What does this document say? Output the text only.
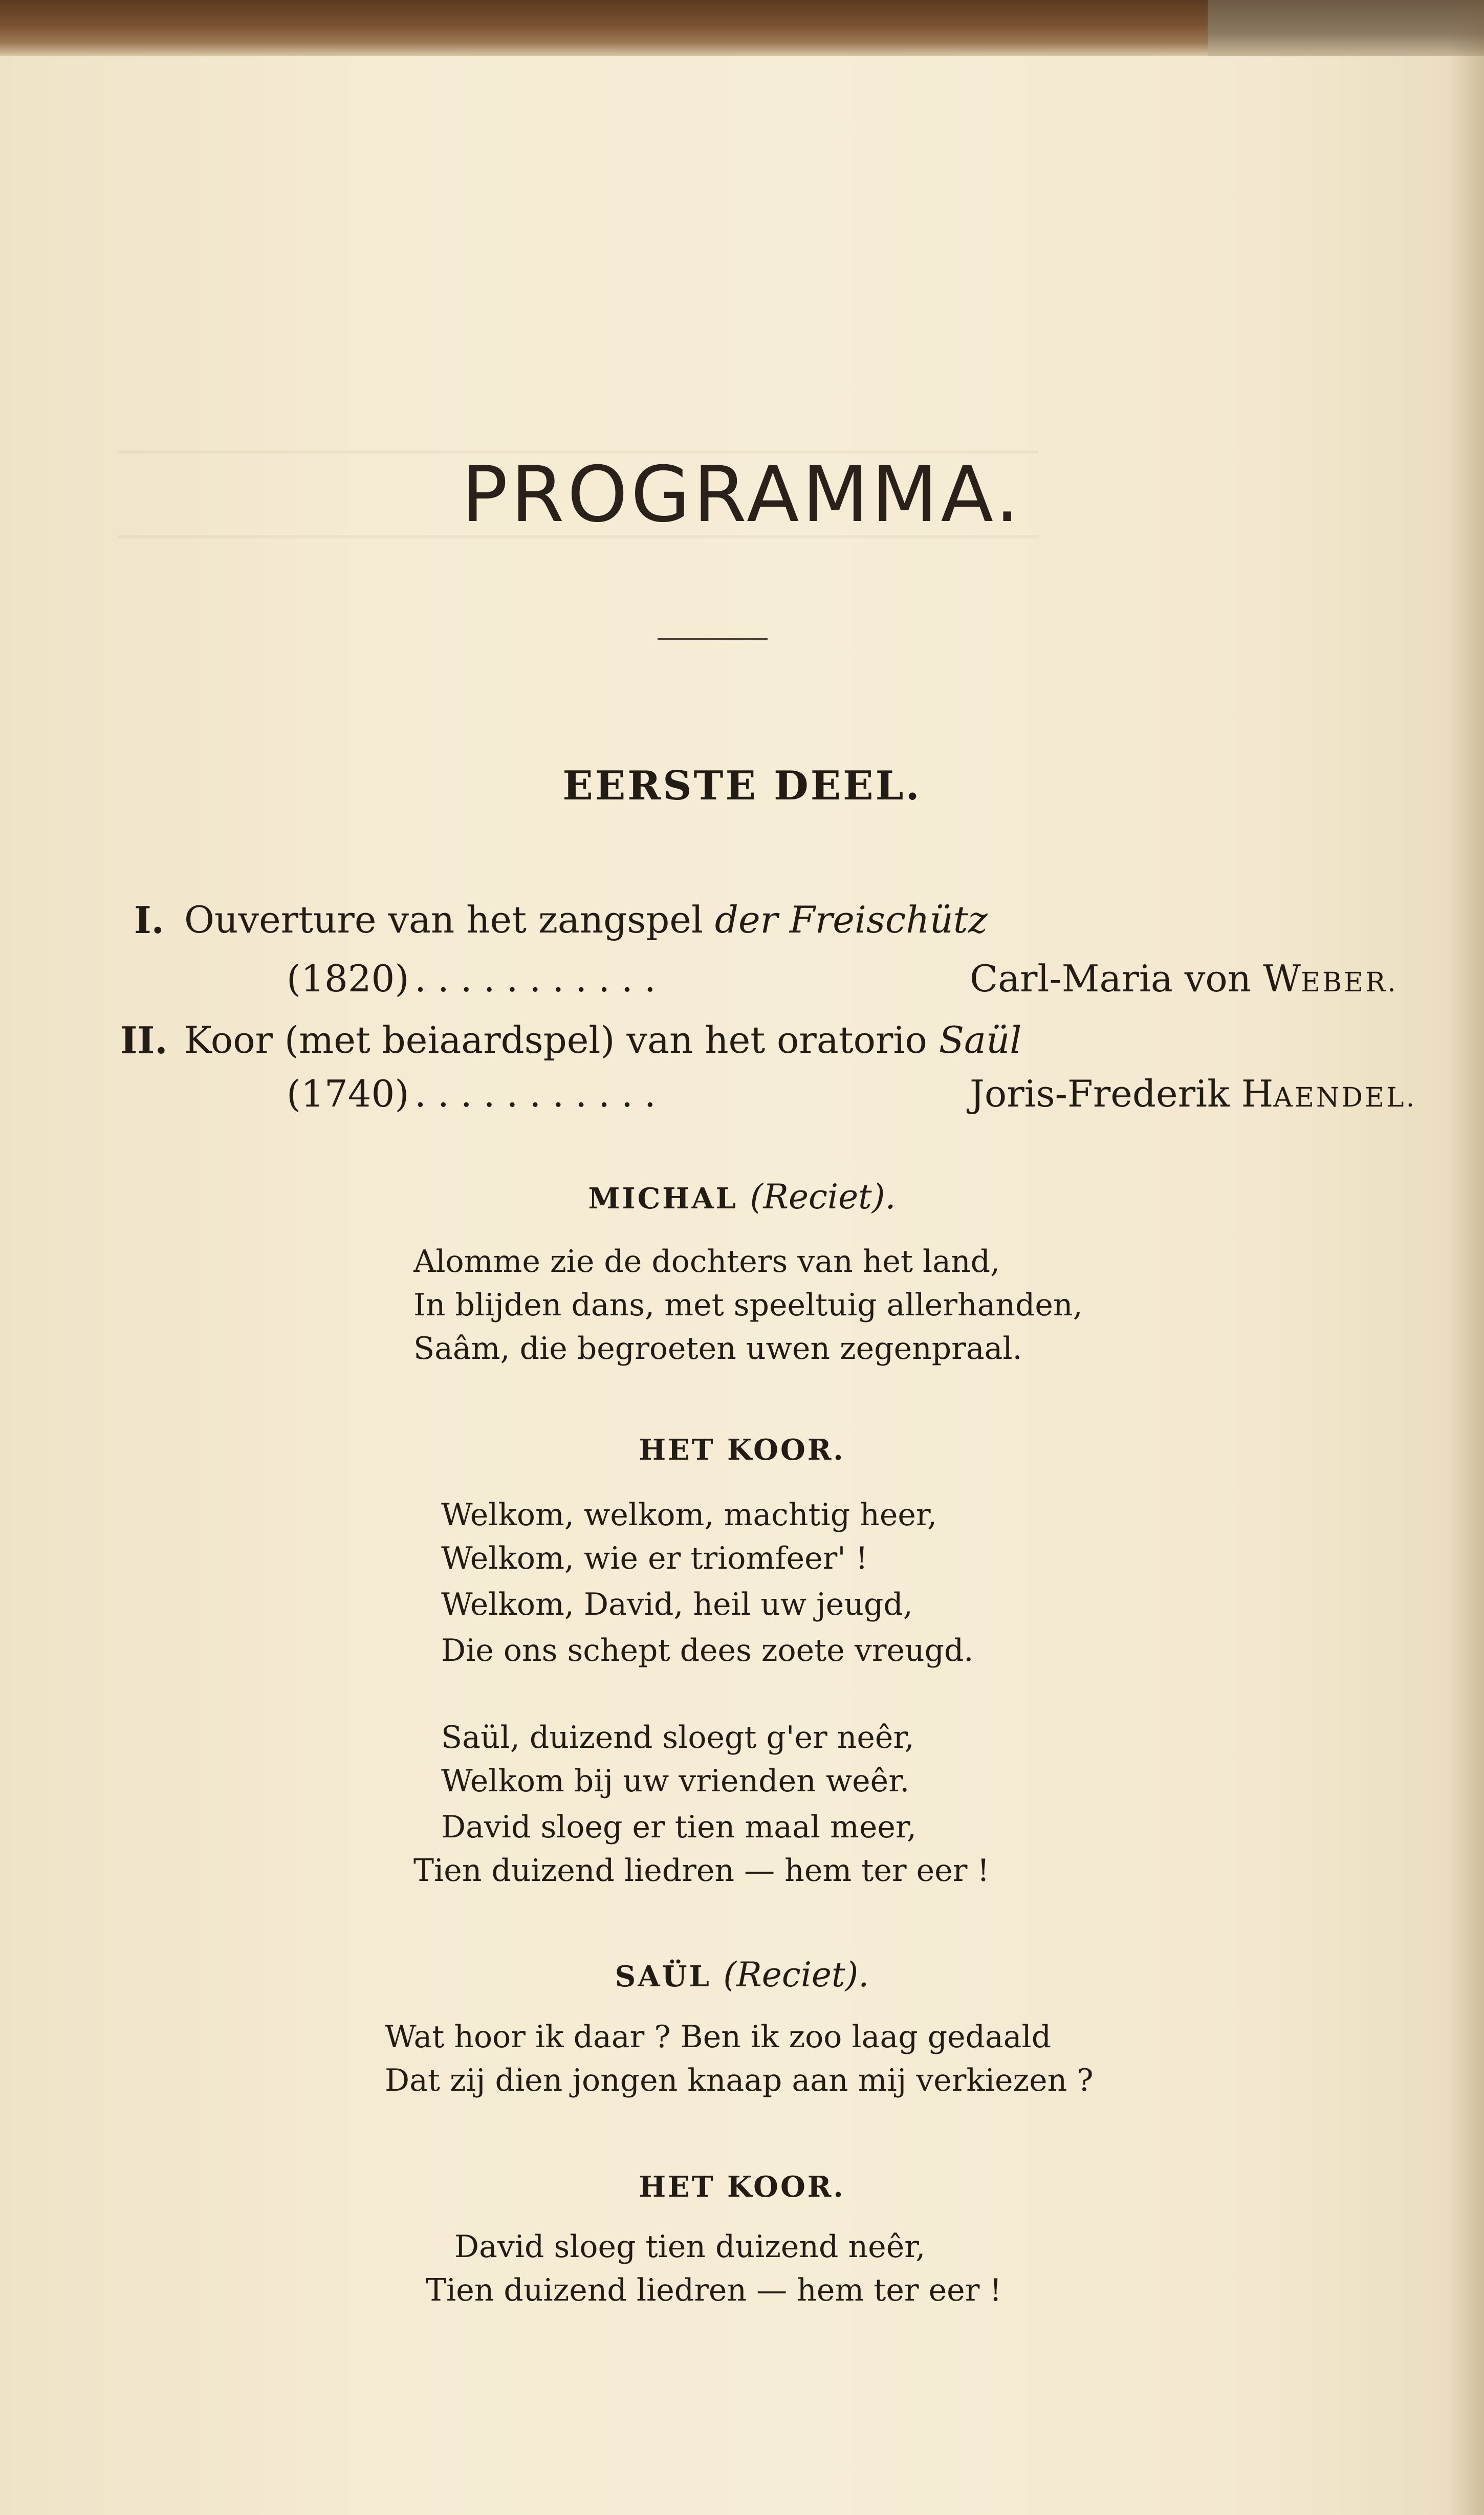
PROGRAMMA.
EERSTE DEEL.
I. Ouverture van het zangspel der Freischütz
(1820) ...........	Carl-Maria von WEBER.
II. Koor (met beiaardspel) van het oratorio Saül
(1740) ...........	Joris-Frederik HAENDEL.
MICHAL (Reciet).
Alomme zie de dochters van het land,
In blijden dans, met speeltuig allerhanden,
Saâm, die begroeten uwen zegenpraal.
HET KOOR.
Welkom, welkom, machtig heer,
Welkom, wie er triomfeer' !
Welkom, David, heil uw jeugd,
Die ons schept dees zoete vreugd.
Saül, duizend sloegt g'er neêr,
Welkom bij uw vrienden weêr.
David sloeg er tien maal meer,
Tien duizend liedren — hem ter eer !
SAÜL (Reciet).
Wat hoor ik daar ? Ben ik zoo laag gedaald
Dat zij dien jongen knaap aan mij verkiezen ?
HET KOOR.
David sloeg tien duizend neêr,
Tien duizend liedren — hem ter eer !
